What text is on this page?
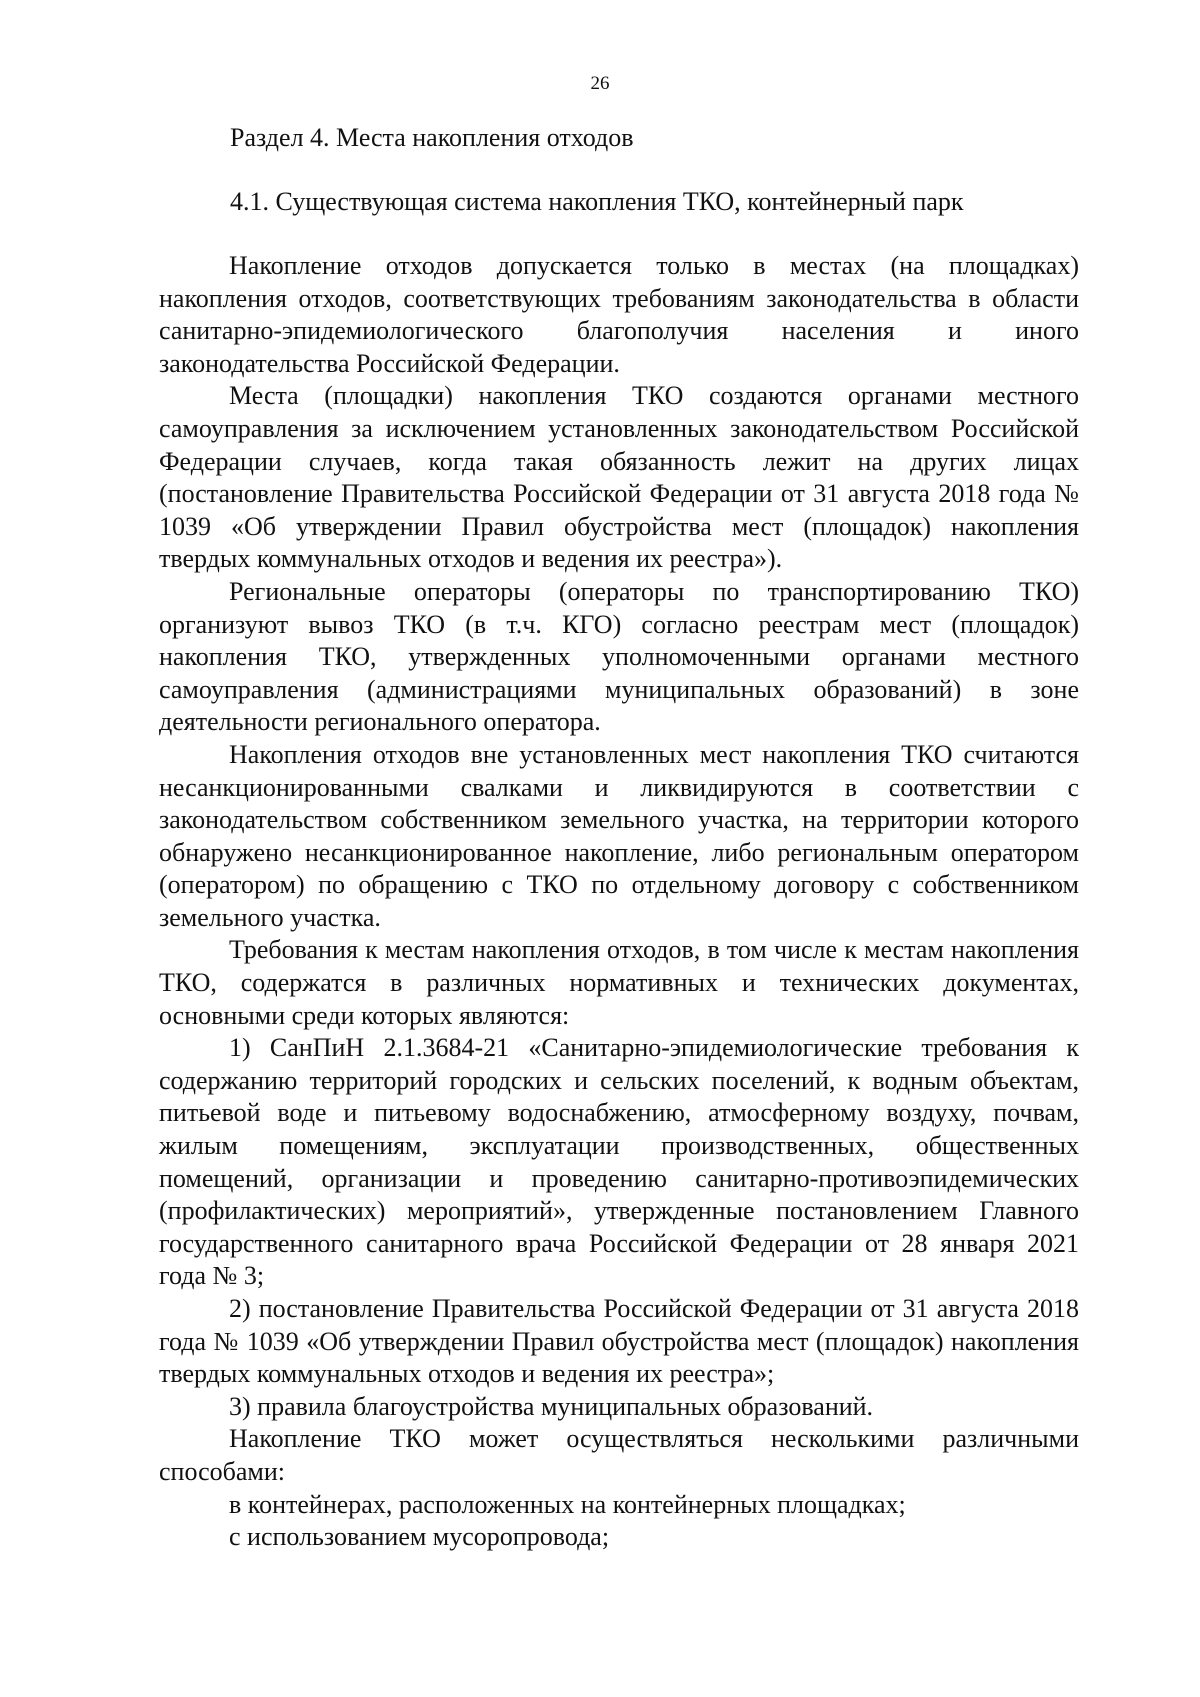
26
Раздел 4. Места накопления отходов
4.1. Существующая система накопления ТКО, контейнерный парк

Накопление отходов допускается только в местах (на площадках) накопления отходов, соответствующих требованиям законодательства в области санитарно-эпидемиологического благополучия населения и иного законодательства Российской Федерации.

Места (площадки) накопления ТКО создаются органами местного самоуправления за исключением установленных законодательством Российской Федерации случаев, когда такая обязанность лежит на других лицах (постановление Правительства Российской Федерации от 31 августа 2018 года № 1039 «Об утверждении Правил обустройства мест (площадок) накопления твердых коммунальных отходов и ведения их реестра»).

Региональные операторы (операторы по транспортированию ТКО) организуют вывоз ТКО (в т.ч. КГО) согласно реестрам мест (площадок) накопления ТКО, утвержденных уполномоченными органами местного самоуправления (администрациями муниципальных образований) в зоне деятельности регионального оператора.

Накопления отходов вне установленных мест накопления ТКО считаются несанкционированными свалками и ликвидируются в соответствии с законодательством собственником земельного участка, на территории которого обнаружено несанкционированное накопление, либо региональным оператором (оператором) по обращению с ТКО по отдельному договору с собственником земельного участка.

Требования к местам накопления отходов, в том числе к местам накопления ТКО, содержатся в различных нормативных и технических документах, основными среди которых являются:

1) СанПиН 2.1.3684-21 «Санитарно-эпидемиологические требования к содержанию территорий городских и сельских поселений, к водным объектам, питьевой воде и питьевому водоснабжению, атмосферному воздуху, почвам, жилым помещениям, эксплуатации производственных, общественных помещений, организации и проведению санитарно-противоэпидемических (профилактических) мероприятий», утвержденные постановлением Главного государственного санитарного врача Российской Федерации от 28 января 2021 года № 3;

2) постановление Правительства Российской Федерации от 31 августа 2018 года № 1039 «Об утверждении Правил обустройства мест (площадок) накопления твердых коммунальных отходов и ведения их реестра»;

3) правила благоустройства муниципальных образований.

Накопление ТКО может осуществляться несколькими различными способами:

в контейнерах, расположенных на контейнерных площадках;

с использованием мусоропровода;
